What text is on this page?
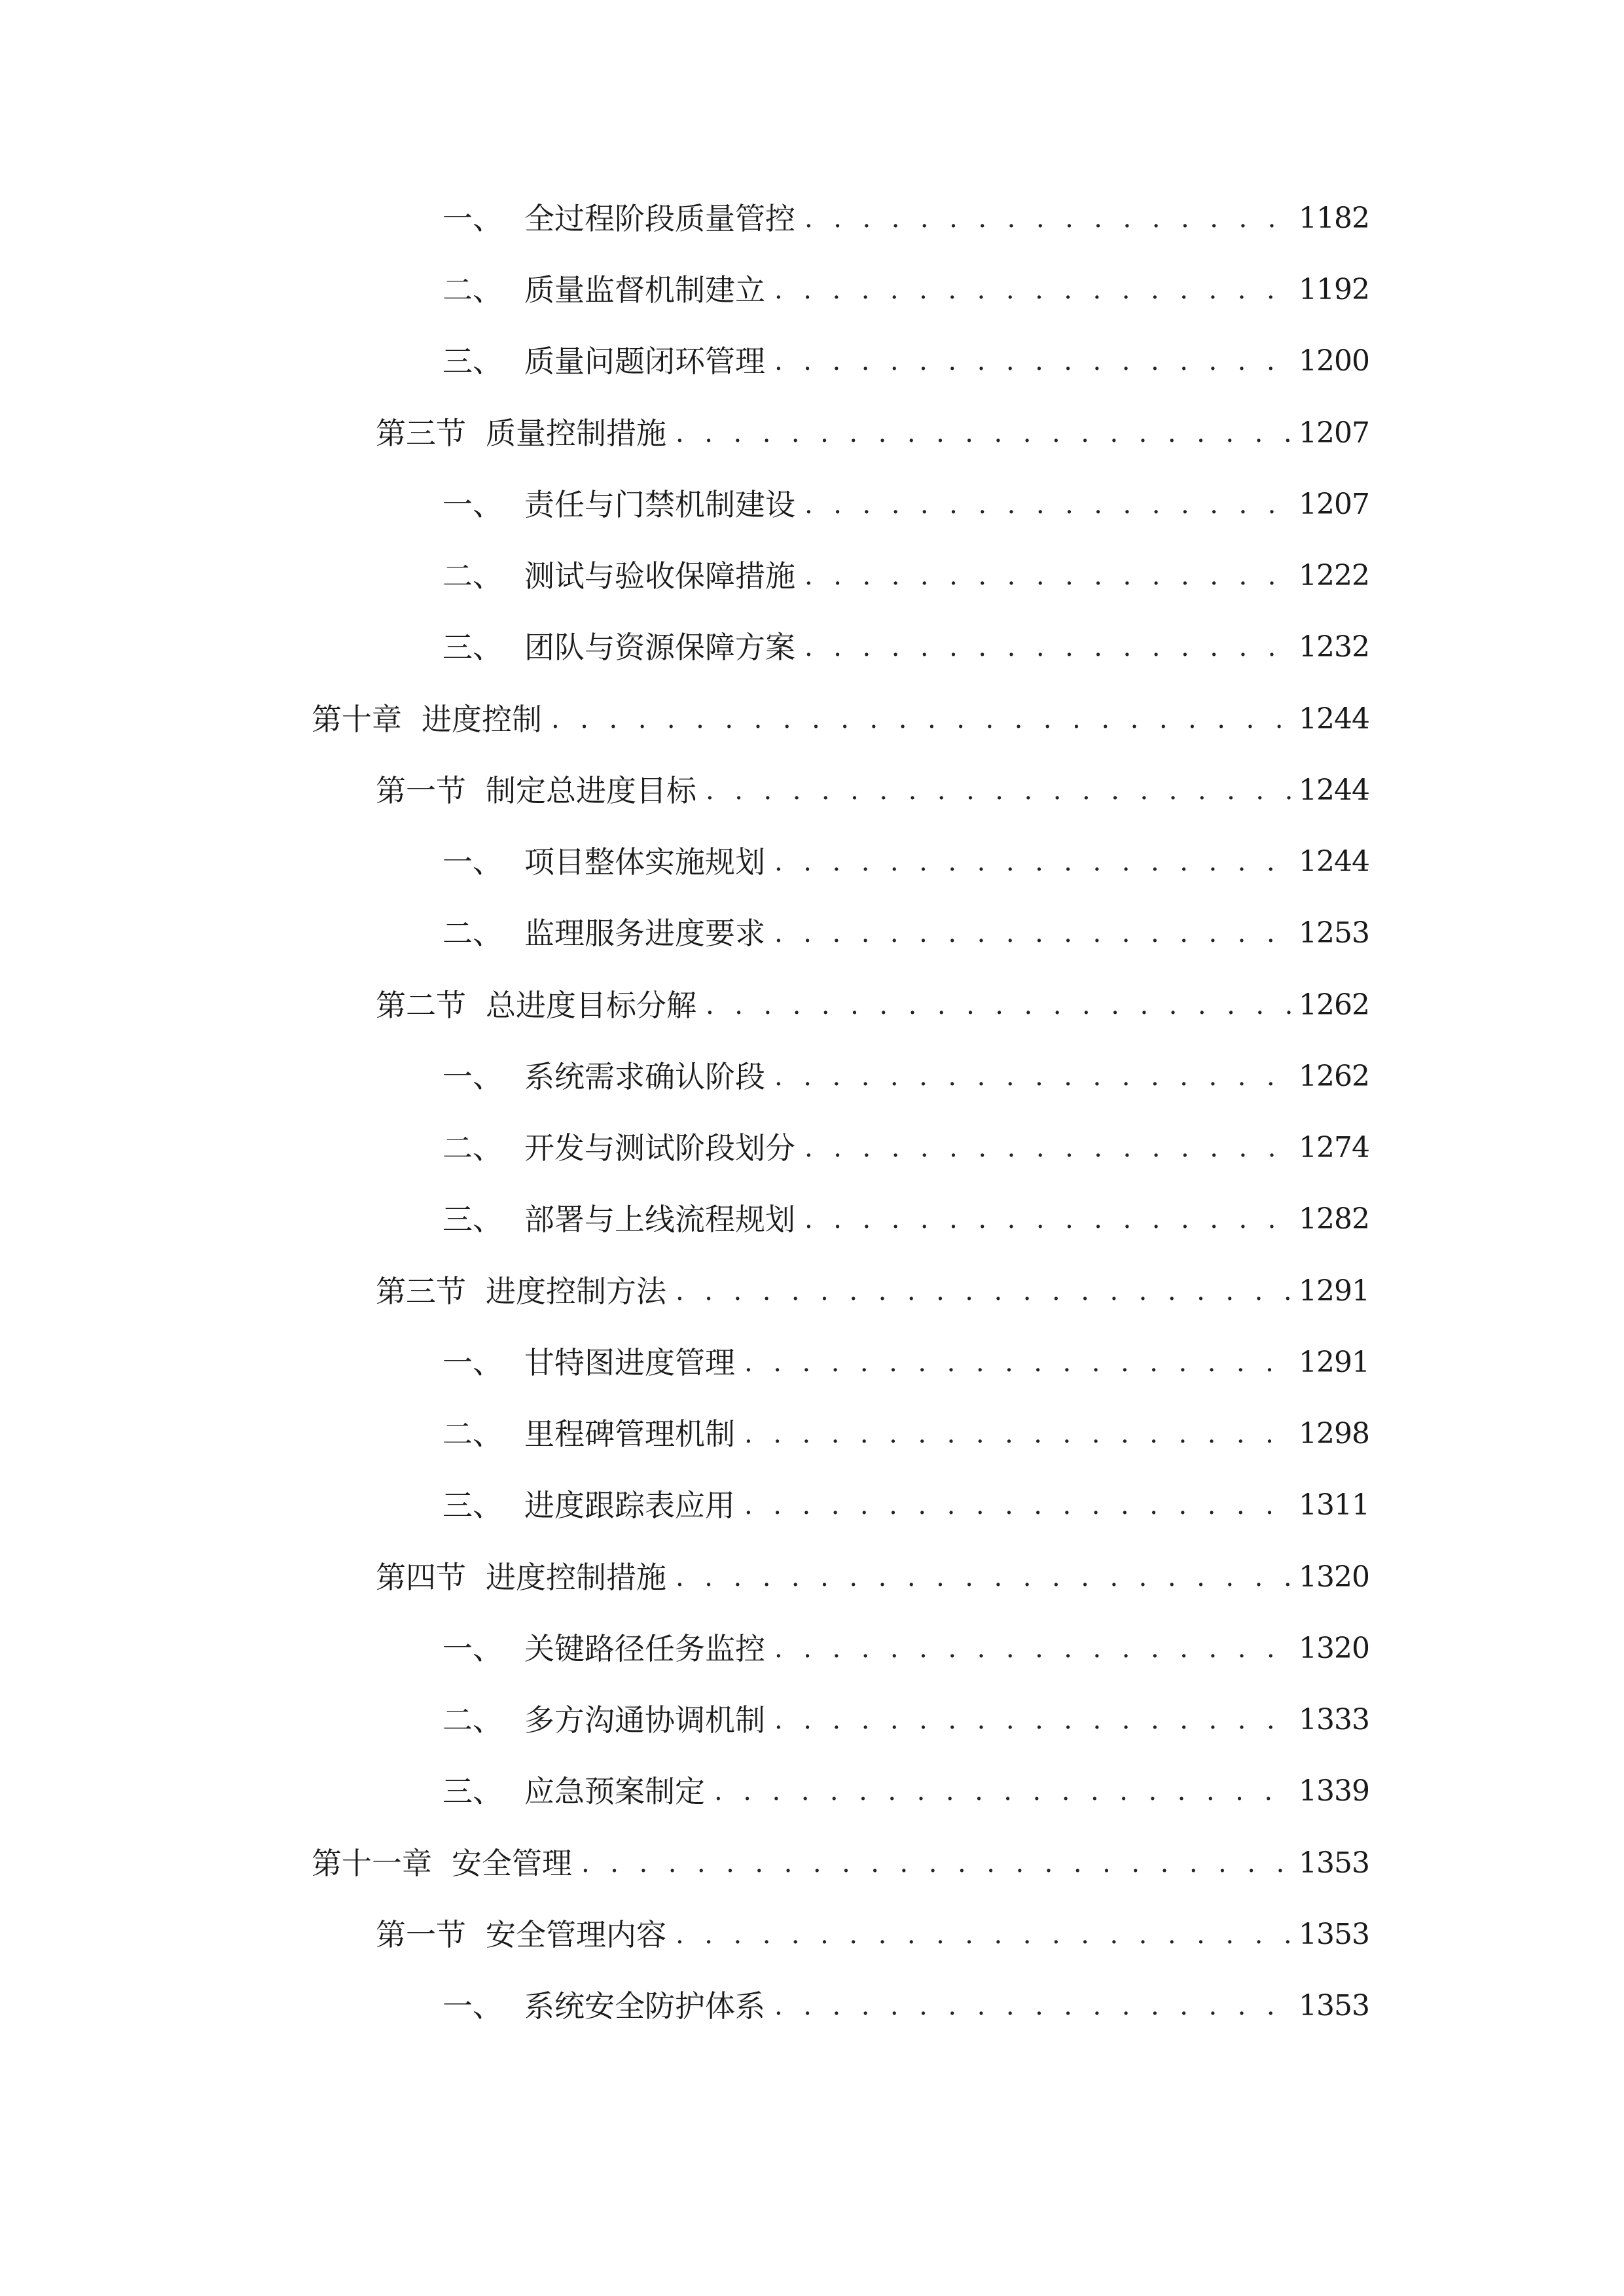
一、 全过程阶段质量管控 . . .	1182
二、 质量监督机制建立 . . .	1192
三、 质量问题闭环管理 . . .	1200
第三节 质量控制措施 . . .	1207
一、 责任与门禁机制建设 . . .	1207
二、 测试与验收保障措施 . . .	1222
三、 团队与资源保障方案 . . .	1232
第十章 进度控制 . . .	1244
第一节 制定总进度目标 . . .	1244
一、 项目整体实施规划 . . .	1244
二、 监理服务进度要求 . . .	1253
第二节 总进度目标分解 . . .	1262
一、 系统需求确认阶段 . . .	1262
二、 开发与测试阶段划分 . . .	1274
三、 部署与上线流程规划 . . .	1282
第三节 进度控制方法 . . .	1291
一、 甘特图进度管理 . . .	1291
二、 里程碑管理机制 . . .	1298
三、 进度跟踪表应用 . . .	1311
第四节 进度控制措施 . . .	1320
一、 关键路径任务监控 . . .	1320
二、 多方沟通协调机制 . . .	1333
三、 应急预案制定 . . .	1339
第十一章 安全管理 . . .	1353
第一节 安全管理内容 . . .	1353
一、 系统安全防护体系 . . .	1353
